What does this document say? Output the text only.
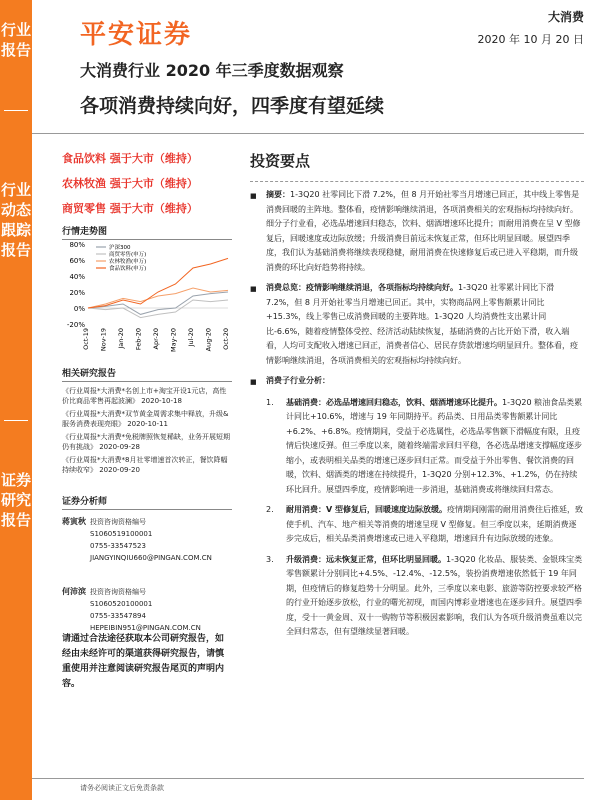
行业报告
行业动态跟踪报告
证券研究报告
平安证券
大消费
2020 年 10 月 20 日
大消费行业 2020 年三季度数据观察
各项消费持续向好，四季度有望延续
食品饮料 强于大市（维持）
农林牧渔 强于大市（维持）
商贸零售 强于大市（维持）
行情走势图
80%
60%
40%
20%
0%
-20%
Oct-19 Nov-19 Jan-20 Feb-20 Apr-20 May-20 Jul-20 Aug-20 Oct-20
沪深300
商贸零售(申万)
农林牧渔(申万)
食品饮料(申万)
相关研究报告
《行业周报*大消费*名创上市+淘宝开设1元店，高性价比商品零售再起波澜》 2020-10-18
《行业周报*大消费*双节黄金周需求集中释放，升级&服务消费表现亮眼》 2020-10-11
《行业周报*大消费*免税牌照恢复稀缺，业务开展短期仍有挑战》 2020-09-28
《行业周报*大消费*8月社零增速首次转正，餐饮降幅持续收窄》 2020-09-20
证券分析师
蒋寅秋 投资咨询资格编号
S1060519100001
0755-33547523
JIANGYINQIU660@PINGAN.COM.CN
何沛滨 投资咨询资格编号
S1060520100001
0755-33547894
HEPEIBIN951@PINGAN.COM.CN
请通过合法途径获取本公司研究报告，如经由未经许可的渠道获得研究报告，请慎重使用并注意阅读研究报告尾页的声明内容。
投资要点
■	摘要：1-3Q20 社零同比下滑 7.2%，但 8 月开始社零当月增速已回正，其中线上零售是消费回暖的主阵地。整体看，疫情影响继续消退，各项消费相关的宏观指标均持续向好。细分子行业看，必选品增速回归稳态，饮料、烟酒增速环比提升；而耐用消费在呈 V 型修复后，回暖速度或边际放缓；升级消费目前远未恢复正常，但环比明显回暖。展望四季度，我们认为基础消费将继续表现稳健，耐用消费在快速修复后或已进入平稳期，而升级消费的环比向好趋势将持续。
■	消费总览：疫情影响继续消退，各项指标均持续向好。1-3Q20 社零累计同比下滑 7.2%，但 8 月开始社零当月增速已回正。其中，实物商品网上零售额累计同比+15.3%，线上零售已成消费回暖的主要阵地。1-3Q20 人均消费性支出累计同比-6.6%，随着疫情整体受控、经济活动陆续恢复，基础消费的占比开始下滑，收入端看，人均可支配收入增速已回正，消费者信心、居民存贷款增速均明显回升。整体看，疫情影响继续消退，各项消费相关的宏观指标均持续向好。
■	消费子行业分析：
1.	基础消费：必选品增速回归稳态，饮料、烟酒增速环比提升。1-3Q20 粮油食品类累计同比+10.6%，增速与 19 年同期持平。药品类、日用品类零售额累计同比+6.2%、+6.8%。疫情期间，受益于必选属性，必选品零售额下滑幅度有限，且疫情后快速反弹。但三季度以来，随着终端需求回归平稳，各必选品增速支撑幅度逐步缩小，或表明相关品类的增速已逐步回归正常。而受益于外出零售、餐饮消费的回暖，饮料、烟酒类的增速在持续提升，1-3Q20 分别+12.3%、+1.2%，仍在持续环比回升。展望四季度，疫情影响进一步消退，基础消费或将继续回归常态。
2.	耐用消费：V 型修复后，回暖速度边际放缓。疫情期间刚需的耐用消费往后推延，致使手机、汽车、地产相关等消费的增速呈现 V 型修复。但三季度以来，延期消费逐步完成后，相关品类消费增速或已进入平稳期，增速回升有边际放缓的迹象。
3.	升级消费：远未恢复正常，但环比明显回暖。1-3Q20 化妆品、服装类、金银珠宝类零售额累计分别同比+4.5%、-12.4%、-12.5%，装扮消费增速依然低于 19 年同期，但疫情后的修复趋势十分明显。此外，三季度以来电影、旅游等防控要求较严格的行业开始逐步放松，行业的曙光初现，而国内博彩业增速也在逐步回升。展望四季度，受十一黄金周、双十一购物节等积极因素影响，我们认为各项升级消费虽难以完全回归常态，但有望继续显著回暖。
请务必阅读正文后免责条款
